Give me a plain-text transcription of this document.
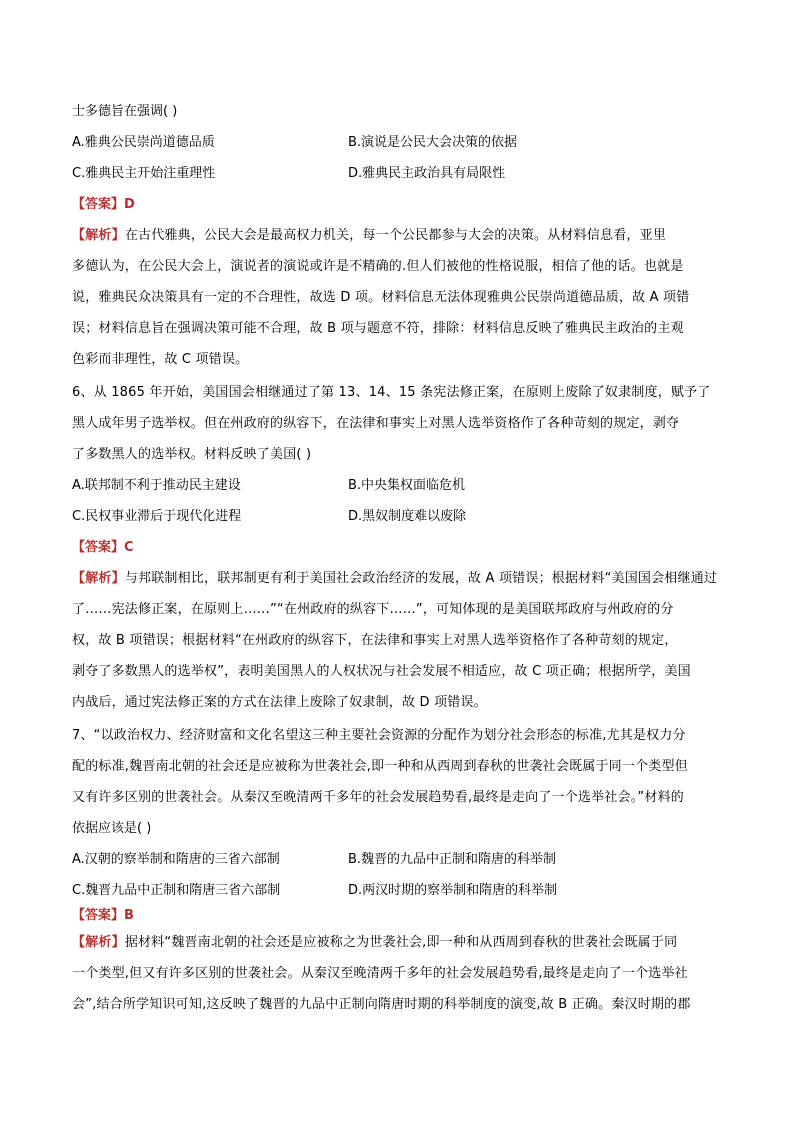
士多德旨在强调( )
A.雅典公民崇尚道德品质	B.演说是公民大会决策的依据
C.雅典民主开始注重理性	D.雅典民主政治具有局限性
【答案】D
【解析】在古代雅典，公民大会是最高权力机关，每一个公民都参与大会的决策。从材料信息看，亚里
多德认为，在公民大会上，演说者的演说或许是不精确的.但人们被他的性格说服，相信了他的话。也就是
说，雅典民众决策具有一定的不合理性，故选 D 项。材料信息无法体现雅典公民崇尚道德品质，故 A 项错
误；材料信息旨在强调决策可能不合理，故 B 项与题意不符，排除：材料信息反映了雅典民主政治的主观
色彩而非理性，故 C 项错误。
6、从 1865 年开始，美国国会相继通过了第 13、14、15 条宪法修正案，在原则上废除了奴隶制度，赋予了
黑人成年男子选举权。但在州政府的纵容下，在法律和事实上对黑人选举资格作了各种苛刻的规定，剥夺
了多数黑人的选举权。材料反映了美国( )
A.联邦制不利于推动民主建设	B.中央集权面临危机
C.民权事业滞后于现代化进程	D.黑奴制度难以废除
【答案】C
【解析】与邦联制相比，联邦制更有利于美国社会政治经济的发展，故 A 项错误；根据材料“美国国会相继通过
了……宪法修正案，在原则上……”“在州政府的纵容下……”，可知体现的是美国联邦政府与州政府的分
权，故 B 项错误；根据材料“在州政府的纵容下，在法律和事实上对黑人选举资格作了各种苛刻的规定，
剥夺了多数黑人的选举权”，表明美国黑人的人权状况与社会发展不相适应，故 C 项正确；根据所学，美国
内战后，通过宪法修正案的方式在法律上废除了奴隶制，故 D 项错误。
7、“以政治权力、经济财富和文化名望这三种主要社会资源的分配作为划分社会形态的标准,尤其是权力分
配的标准,魏晋南北朝的社会还是应被称为世袭社会,即一种和从西周到春秋的世袭社会既属于同一个类型但
又有许多区别的世袭社会。从秦汉至晚清两千多年的社会发展趋势看,最终是走向了一个选举社会。”材料的
依据应该是( )
A.汉朝的察举制和隋唐的三省六部制	B.魏晋的九品中正制和隋唐的科举制
C.魏晋九品中正制和隋唐三省六部制	D.两汉时期的察举制和隋唐的科举制
【答案】B
【解析】据材料“魏晋南北朝的社会还是应被称之为世袭社会,即一种和从西周到春秋的世袭社会既属于同
一个类型,但又有许多区别的世袭社会。从秦汉至晚清两千多年的社会发展趋势看,最终是走向了一个选举社
会”,结合所学知识可知,这反映了魏晋的九品中正制向隋唐时期的科举制度的演变,故 B 正确。秦汉时期的郡
